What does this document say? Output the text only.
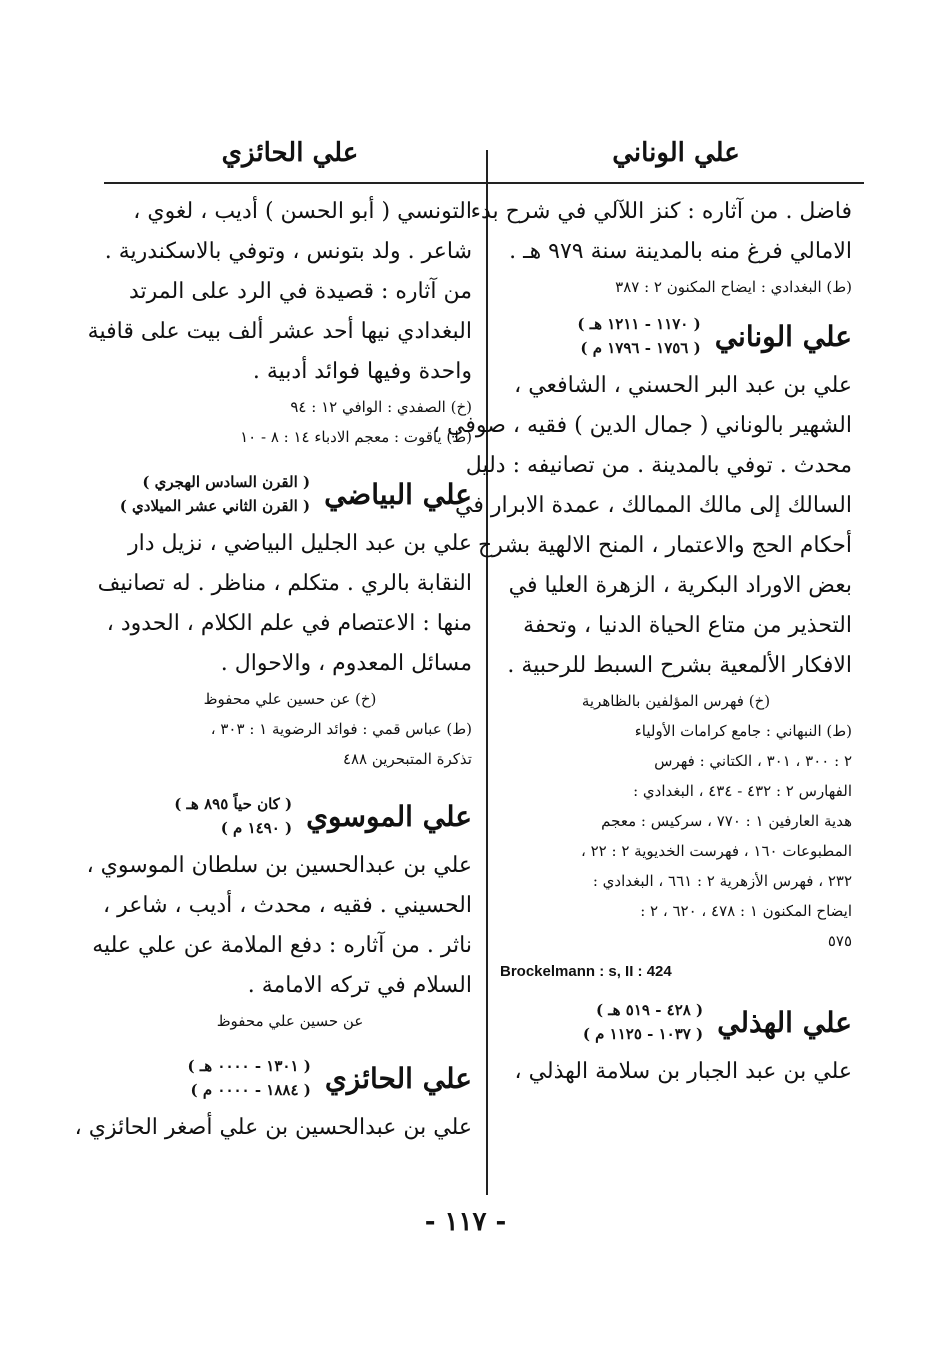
علي الوناني
علي الحائزي
فاضل . من آثاره : كنز اللآلي في شرح بدء
الامالي فرغ منه بالمدينة سنة ٩٧٩ هـ .
(ط) البغدادي : ايضاح المكنون ٢ : ٣٨٧
علي الوناني
( ١١٧٠ - ١٢١١ هـ )
( ١٧٥٦ - ١٧٩٦ م )
علي بن عبد البر الحسني ، الشافعي ،
الشهير بالوناني ( جمال الدين ) فقيه ، صوفي ،
محدث . توفي بالمدينة . من تصانيفه : دليل
السالك إلى مالك الممالك ، عمدة الابرار في
أحكام الحج والاعتمار ، المنح الالهية بشرح
بعض الاوراد البكرية ، الزهرة العليا في
التحذير من متاع الحياة الدنيا ، وتحفة
الافكار الألمعية بشرح السبط للرحبية .
(خ) فهرس المؤلفين بالظاهرية
(ط) النبهاني : جامع كرامات الأولياء
٢ : ٣٠٠ ، ٣٠١ ، الكتاني : فهرس
الفهارس ٢ : ٤٣٢ - ٤٣٤ ، البغدادي :
هدية العارفين ١ : ٧٧٠ ، سركيس : معجم
المطبوعات ١٦٠ ، فهرست الخديوية ٢ : ٢٢ ،
٢٣٢ ، فهرس الأزهرية ٢ : ٦٦١ ، البغدادي :
ايضاح المكنون ١ : ٤٧٨ ، ٦٢٠ ، ٢ :
٥٧٥
Brockelmann : s, II : 424
علي الهذلي
( ٤٢٨ - ٥١٩ هـ )
( ١٠٣٧ - ١١٢٥ م )
علي بن عبد الجبار بن سلامة الهذلي ،
التونسي ( أبو الحسن ) أديب ، لغوي ،
شاعر . ولد بتونس ، وتوفي بالاسكندرية .
من آثاره : قصيدة في الرد على المرتد
البغدادي نيها أحد عشر ألف بيت على قافية
واحدة وفيها فوائد أدبية .
(خ) الصفدي : الوافي ١٢ : ٩٤
(ط) ياقوت : معجم الادباء ١٤ : ٨ - ١٠
علي البياضي
( القرن السادس الهجري )
( القرن الثاني عشر الميلادي )
علي بن عبد الجليل البياضي ، نزيل دار
النقابة بالري . متكلم ، مناظر . له تصانيف
منها : الاعتصام في علم الكلام ، الحدود ،
مسائل المعدوم ، والاحوال .
(خ) عن حسين علي محفوظ
(ط) عباس قمي : فوائد الرضوية ١ : ٣٠٣ ،
تذكرة المتبحرين ٤٨٨
علي الموسوي
( كان حياً ٨٩٥ هـ )
( ١٤٩٠ م )
علي بن عبدالحسين بن سلطان الموسوي ،
الحسيني . فقيه ، محدث ، أديب ، شاعر ،
ناثر . من آثاره : دفع الملامة عن علي عليه
السلام في تركه الامامة .
عن حسين علي محفوظ
علي الحائزي
( ١٣٠١ - ٠٠٠٠ هـ )
( ١٨٨٤ - ٠٠٠٠ م )
علي بن عبدالحسين بن علي أصغر الحائزي ،
- ١١٧ -
